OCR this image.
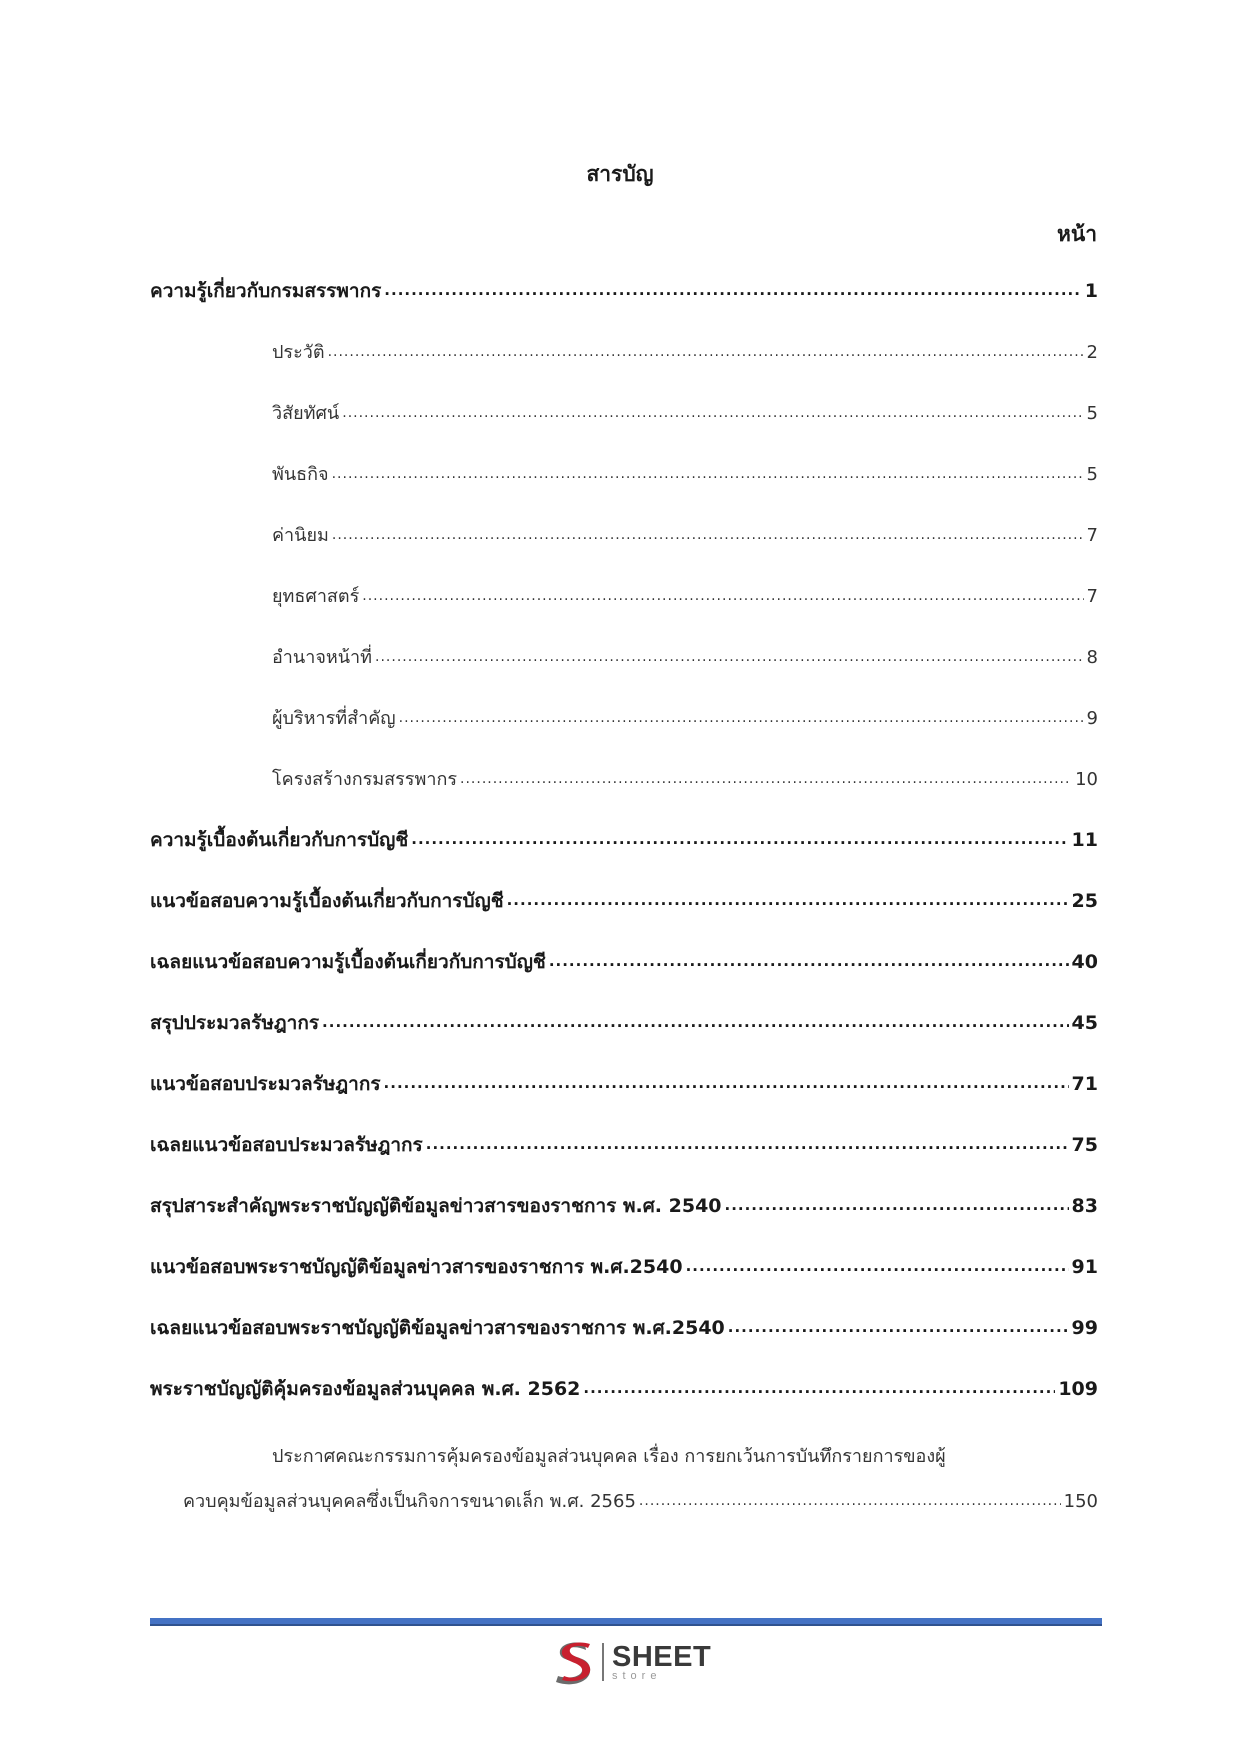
สารบัญ
หน้า
ความรู้เกี่ยวกับกรมสรรพากร .....	1
ประวัติ .....	2
วิสัยทัศน์ .....	5
พันธกิจ .....	5
ค่านิยม .....	7
ยุทธศาสตร์ .....	7
อำนาจหน้าที่ .....	8
ผู้บริหารที่สำคัญ .....	9
โครงสร้างกรมสรรพากร .....	10
ความรู้เบื้องต้นเกี่ยวกับการบัญชี .....	11
แนวข้อสอบความรู้เบื้องต้นเกี่ยวกับการบัญชี .....	25
เฉลยแนวข้อสอบความรู้เบื้องต้นเกี่ยวกับการบัญชี .....	40
สรุปประมวลรัษฎากร .....	45
แนวข้อสอบประมวลรัษฎากร .....	71
เฉลยแนวข้อสอบประมวลรัษฎากร .....	75
สรุปสาระสำคัญพระราชบัญญัติข้อมูลข่าวสารของราชการ พ.ศ. 2540 .....	83
แนวข้อสอบพระราชบัญญัติข้อมูลข่าวสารของราชการ พ.ศ.2540 .....	91
เฉลยแนวข้อสอบพระราชบัญญัติข้อมูลข่าวสารของราชการ พ.ศ.2540 .....	99
พระราชบัญญัติคุ้มครองข้อมูลส่วนบุคคล พ.ศ. 2562 .....	109
ประกาศคณะกรรมการคุ้มครองข้อมูลส่วนบุคคล เรื่อง การยกเว้นการบันทึกรายการของผู้
ควบคุมข้อมูลส่วนบุคคลซึ่งเป็นกิจการขนาดเล็ก พ.ศ. 2565 .....	150
SHEET
store
